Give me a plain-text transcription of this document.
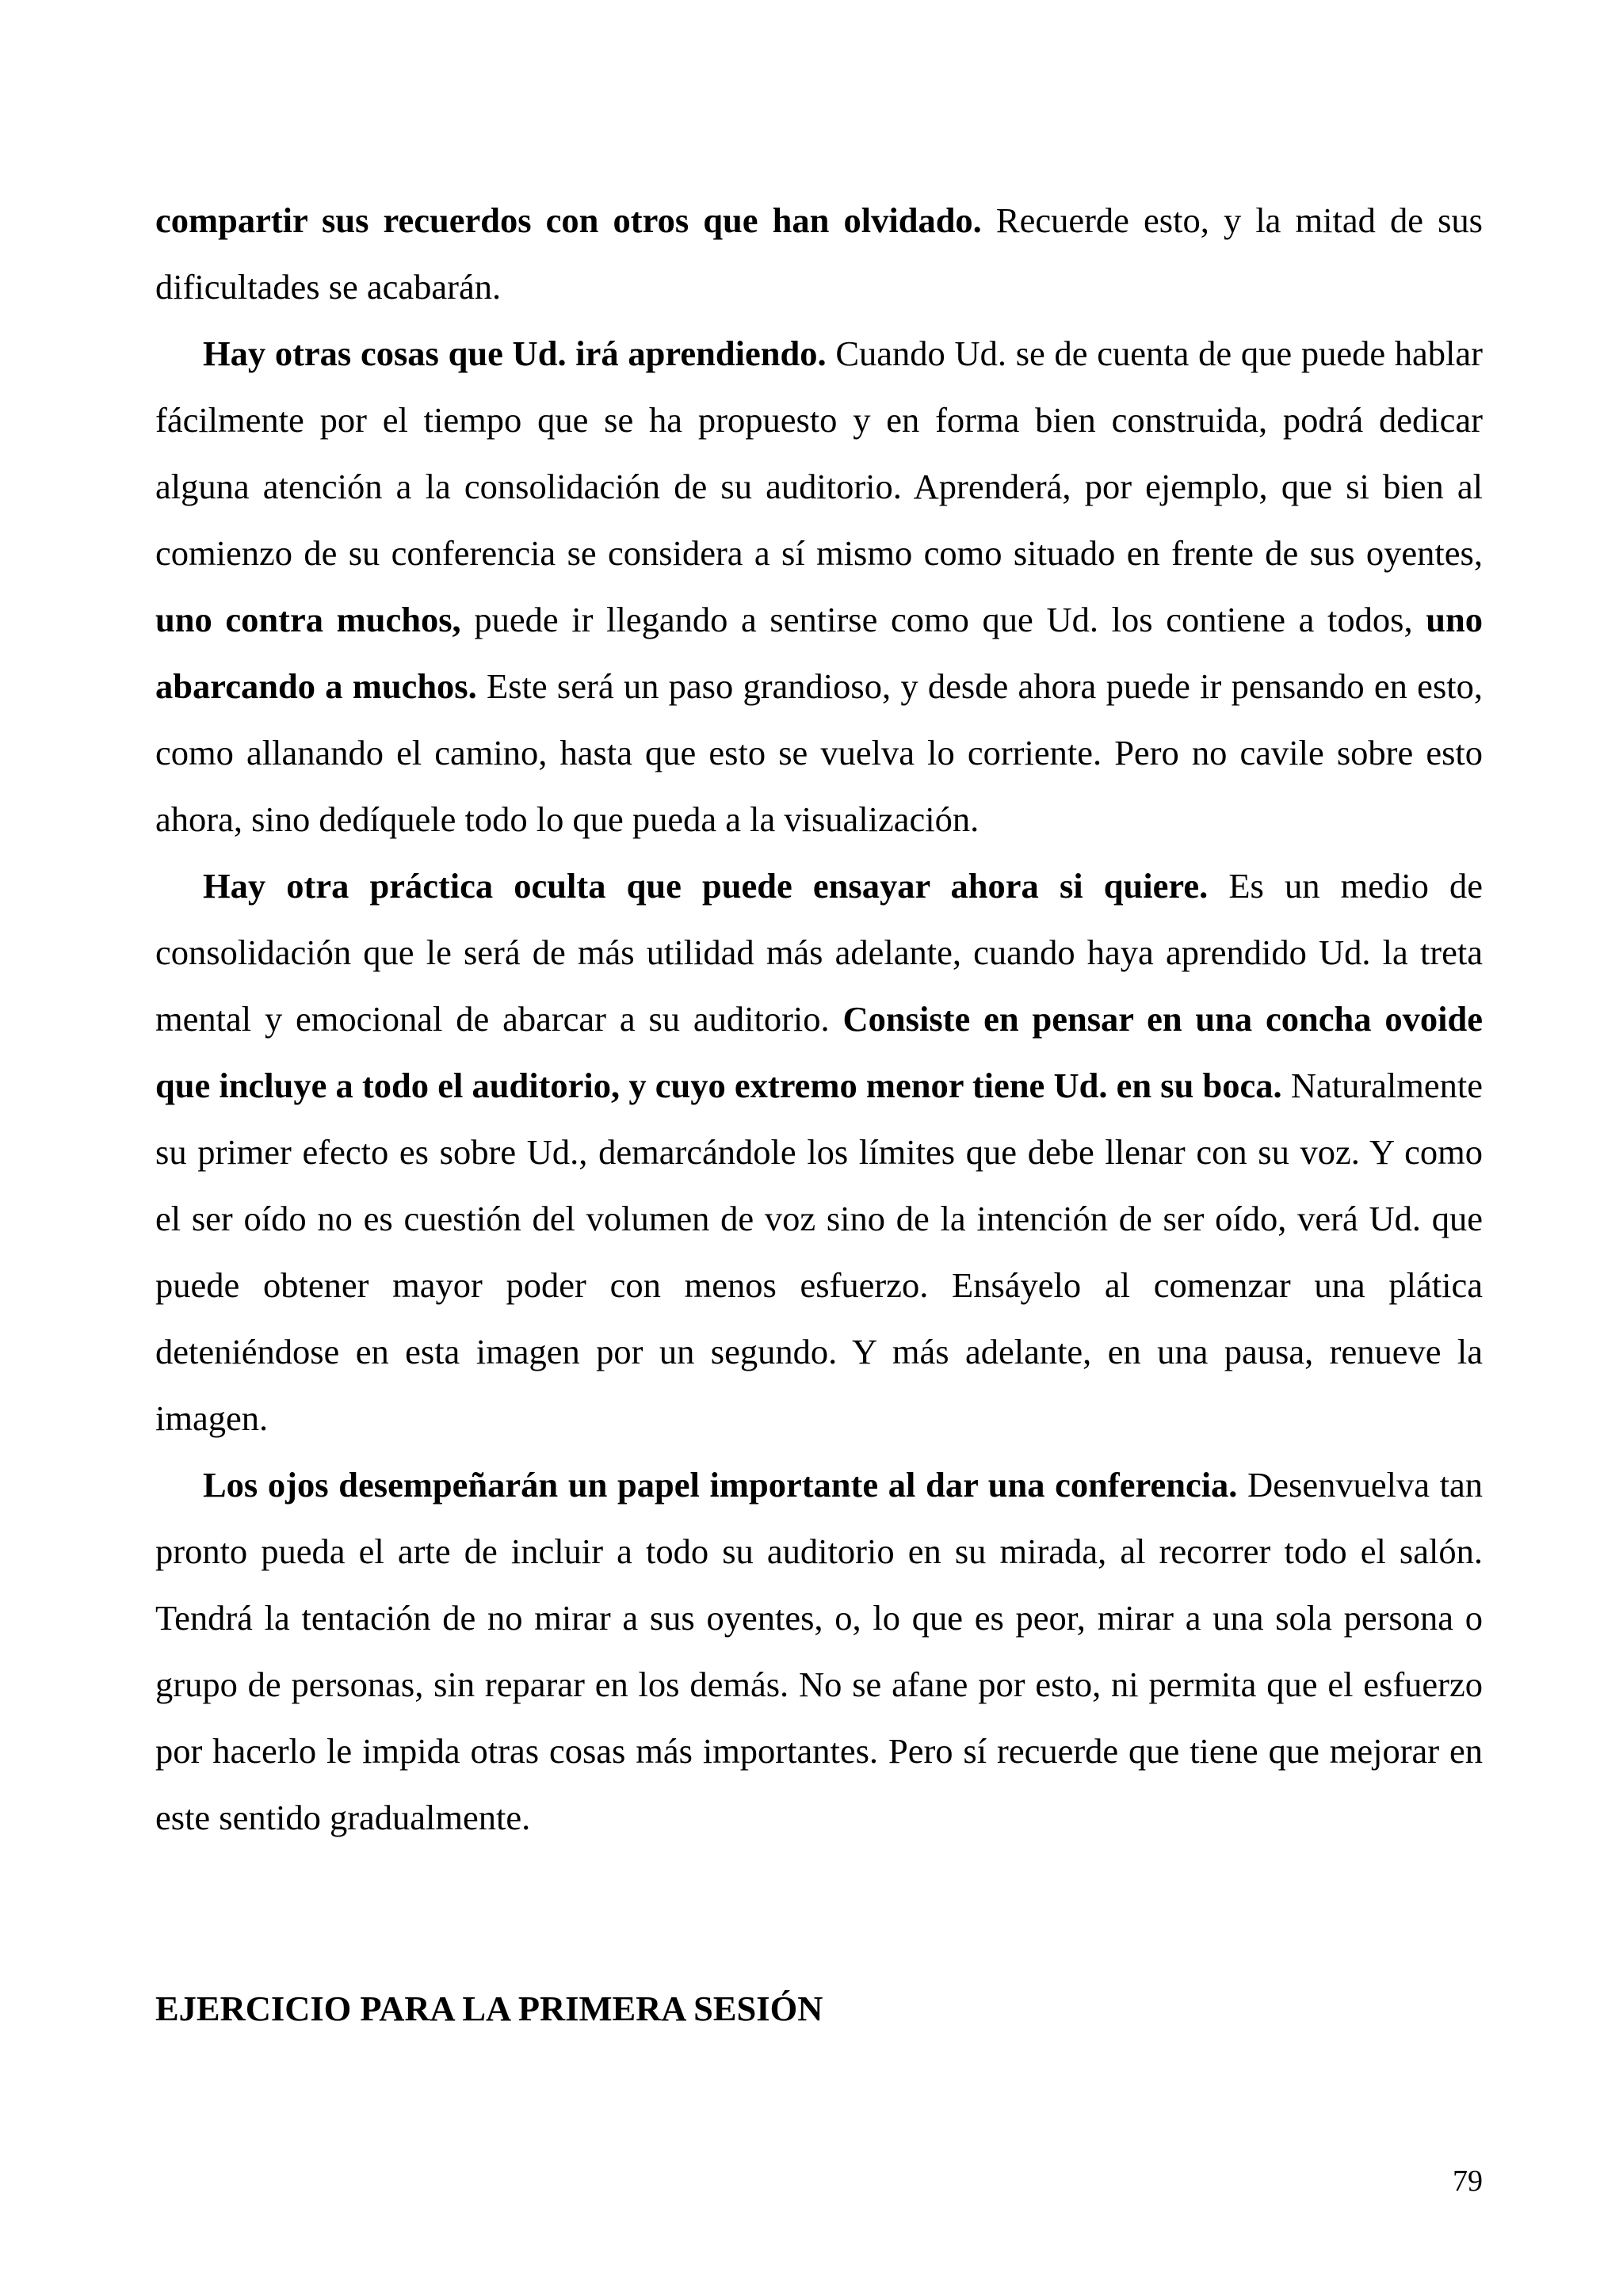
compartir sus recuerdos con otros que han olvidado. Recuerde esto, y la mitad de sus dificultades se acabarán.

Hay otras cosas que Ud. irá aprendiendo. Cuando Ud. se de cuenta de que puede hablar fácilmente por el tiempo que se ha propuesto y en forma bien construida, podrá dedicar alguna atención a la consolidación de su auditorio. Aprenderá, por ejemplo, que si bien al comienzo de su conferencia se considera a sí mismo como situado en frente de sus oyentes, uno contra muchos, puede ir llegando a sentirse como que Ud. los contiene a todos, uno abarcando a muchos. Este será un paso grandioso, y desde ahora puede ir pensando en esto, como allanando el camino, hasta que esto se vuelva lo corriente. Pero no cavile sobre esto ahora, sino dedíquele todo lo que pueda a la visualización.

Hay otra práctica oculta que puede ensayar ahora si quiere. Es un medio de consolidación que le será de más utilidad más adelante, cuando haya aprendido Ud. la treta mental y emocional de abarcar a su auditorio. Consiste en pensar en una concha ovoide que incluye a todo el auditorio, y cuyo extremo menor tiene Ud. en su boca. Naturalmente su primer efecto es sobre Ud., demarcándole los límites que debe llenar con su voz. Y como el ser oído no es cuestión del volumen de voz sino de la intención de ser oído, verá Ud. que puede obtener mayor poder con menos esfuerzo. Ensáyelo al comenzar una plática deteniéndose en esta imagen por un segundo. Y más adelante, en una pausa, renueve la imagen.

Los ojos desempeñarán un papel importante al dar una conferencia. Desenvuelva tan pronto pueda el arte de incluir a todo su auditorio en su mirada, al recorrer todo el salón. Tendrá la tentación de no mirar a sus oyentes, o, lo que es peor, mirar a una sola persona o grupo de personas, sin reparar en los demás. No se afane por esto, ni permita que el esfuerzo por hacerlo le impida otras cosas más importantes. Pero sí recuerde que tiene que mejorar en este sentido gradualmente.

EJERCICIO PARA LA PRIMERA SESIÓN
79
